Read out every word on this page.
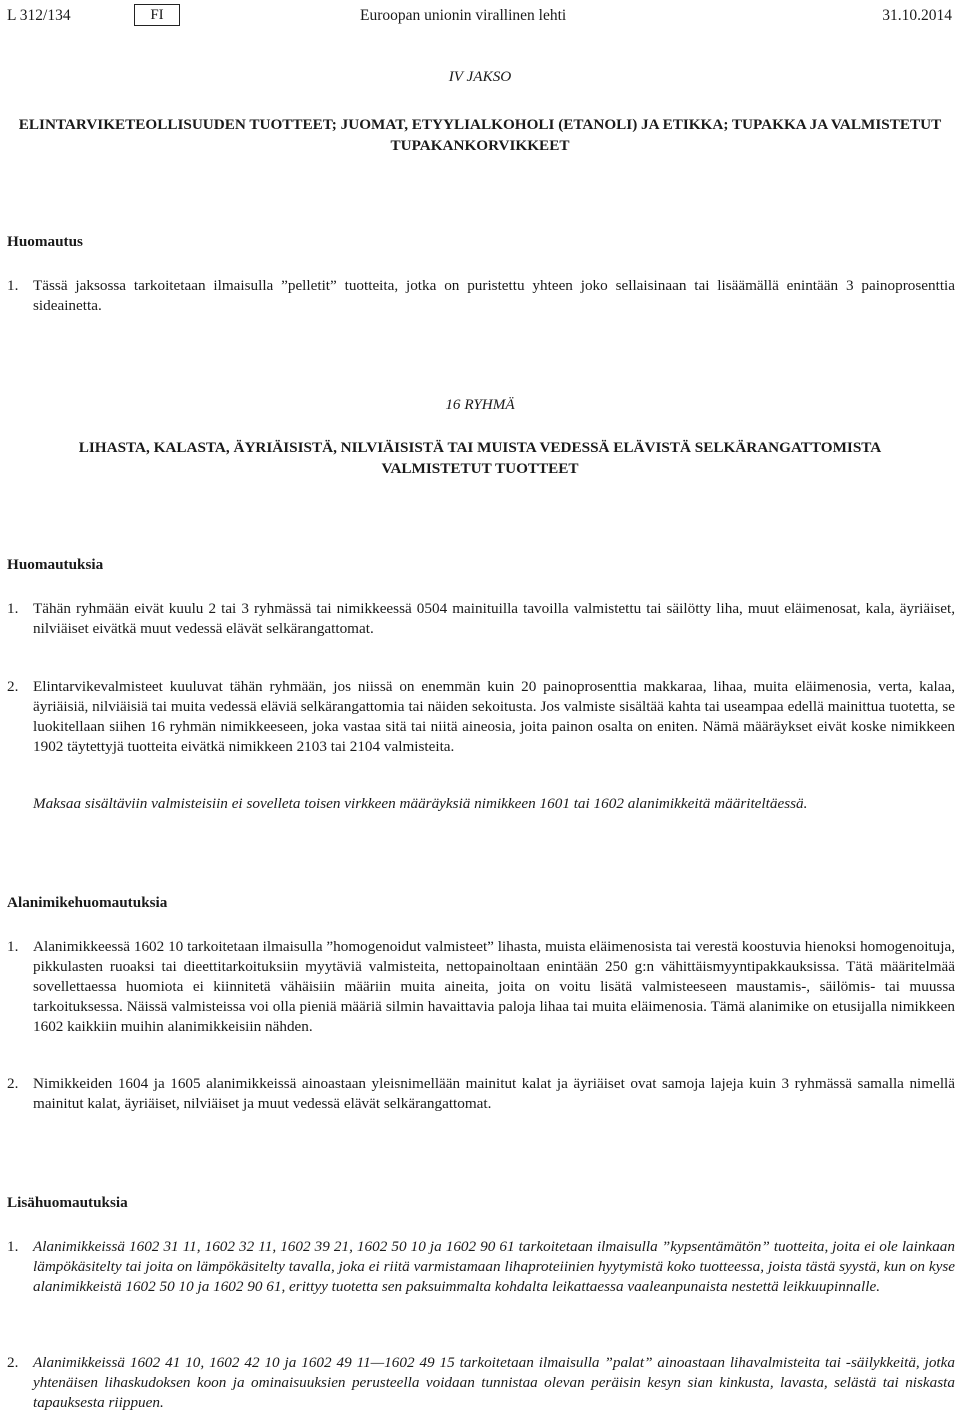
L 312/134	FI	Euroopan unionin virallinen lehti	31.10.2014
IV JAKSO
ELINTARVIKETEOLLISUUDEN TUOTTEET; JUOMAT, ETYYLIALKOHOLI (ETANOLI) JA ETIKKA; TUPAKKA JA VALMISTETUT TUPAKANKORVIKKEET
Huomautus
1. Tässä jaksossa tarkoitetaan ilmaisulla ”pelletit” tuotteita, jotka on puristettu yhteen joko sellaisinaan tai lisäämällä enintään 3 painoprosenttia sideainetta.
16 RYHMÄ
LIHASTA, KALASTA, ÄYRIÄISISTÄ, NILVIÄISISTÄ TAI MUISTA VEDESSÄ ELÄVISTÄ SELKÄRANGATTOMISTA VALMISTETUT TUOTTEET
Huomautuksia
1. Tähän ryhmään eivät kuulu 2 tai 3 ryhmässä tai nimikkeessä 0504 mainituilla tavoilla valmistettu tai säilötty liha, muut eläimenosat, kala, äyriäiset, nilviäiset eivätkä muut vedessä elävät selkärangattomat.
2. Elintarvikevalmisteet kuuluvat tähän ryhmään, jos niissä on enemmän kuin 20 painoprosenttia makkaraa, lihaa, muita eläimenosia, verta, kalaa, äyriäisiä, nilviäisiä tai muita vedessä eläviä selkärangattomia tai näiden sekoitusta. Jos valmiste sisältää kahta tai useampaa edellä mainittua tuotetta, se luokitellaan siihen 16 ryhmän nimikkeeseen, joka vastaa sitä tai niitä aineosia, joita painon osalta on eniten. Nämä määräykset eivät koske nimikkeen 1902 täytettyjä tuotteita eivätkä nimikkeen 2103 tai 2104 valmisteita.
Maksaa sisältäviin valmisteisiin ei sovelleta toisen virkkeen määräyksiä nimikkeen 1601 tai 1602 alanimikkeitä määriteltäessä.
Alanimikehuomautuksia
1. Alanimikkeessä 1602 10 tarkoitetaan ilmaisulla ”homogenoidut valmisteet” lihasta, muista eläimenosista tai verestä koostuvia hienoksi homogenoituja, pikkulasten ruoaksi tai dieettitarkoituksiin myytäviä valmisteita, nettopainoltaan enintään 250 g:n vähittäismyyntipakkauksissa. Tätä määritelmää sovellettaessa huomiota ei kiinnitetä vähäisiin määriin muita aineita, joita on voitu lisätä valmisteeseen maustamis-, säilömis- tai muussa tarkoituksessa. Näissä valmisteissa voi olla pieniä määriä silmin havaittavia paloja lihaa tai muita eläimenosia. Tämä alanimike on etusijalla nimikkeen 1602 kaikkiin muihin alanimikkeisiin nähden.
2. Nimikkeiden 1604 ja 1605 alanimikkeissä ainoastaan yleisnimellään mainitut kalat ja äyriäiset ovat samoja lajeja kuin 3 ryhmässä samalla nimellä mainitut kalat, äyriäiset, nilviäiset ja muut vedessä elävät selkärangattomat.
Lisähuomautuksia
1. Alanimikkeissä 1602 31 11, 1602 32 11, 1602 39 21, 1602 50 10 ja 1602 90 61 tarkoitetaan ilmaisulla ”kypsentämätön” tuotteita, joita ei ole lainkaan lämpökäsitelty tai joita on lämpökäsitelty tavalla, joka ei riitä varmistamaan lihaproteiinien hyytymistä koko tuotteessa, joista tästä syystä, kun on kyse alanimikkeistä 1602 50 10 ja 1602 90 61, erittyy tuotetta sen paksuimmalta kohdalta leikattaessa vaaleanpunaista nestettä leikkuupinnalle.
2. Alanimikkeissä 1602 41 10, 1602 42 10 ja 1602 49 11—1602 49 15 tarkoitetaan ilmaisulla ”palat” ainoastaan lihavalmisteita tai -säilykkeitä, jotka yhtenäisen lihaskudoksen koon ja ominaisuuksien perusteella voidaan tunnistaa olevan peräisin kesyn sian kinkusta, lavasta, selästä tai niskasta tapauksesta riippuen.
